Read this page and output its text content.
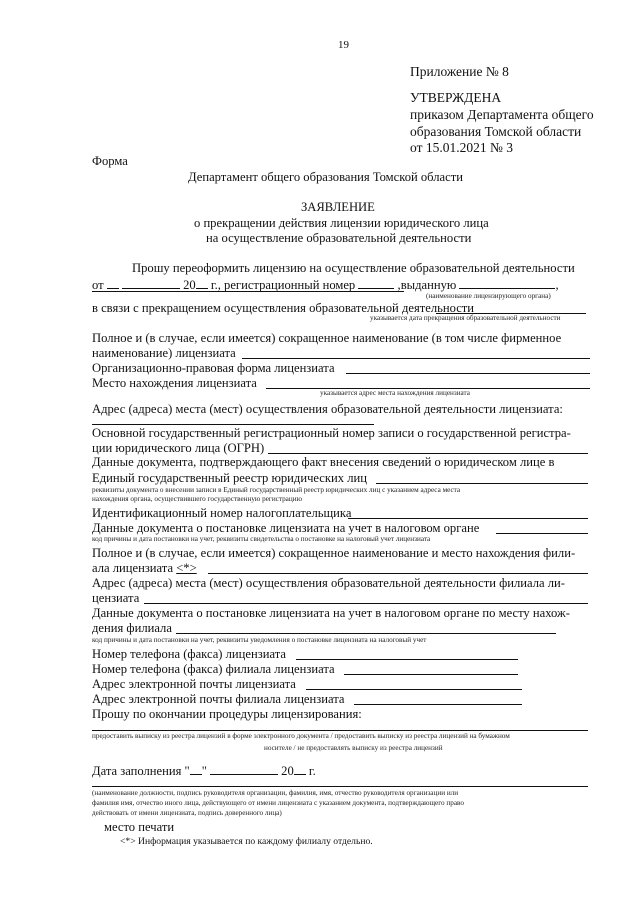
19
Приложение № 8
УТВЕРЖДЕНА
приказом Департамента общего
образования Томской области
от 15.01.2021 № 3
Форма
Департамент общего образования Томской области
ЗАЯВЛЕНИЕ
о прекращении действия лицензии юридического лица
на осуществление образовательной деятельности
Прошу переоформить лицензию на осуществление образовательной деятельности
от	20 г., регистрационный номер	,выданную	,
(наименование лицензирующего органа)
в связи с прекращением осуществления образовательной деятельности
указывается дата прекращения образовательной деятельности
Полное и (в случае, если имеется) сокращенное наименование (в том числе фирменное
наименование) лицензиата
Организационно-правовая форма лицензиата
Место нахождения лицензиата
указывается адрес места нахождения лицензиата
Адрес (адреса) места (мест) осуществления образовательной деятельности лицензиата:
Основной государственный регистрационный номер записи о государственной регистра-
ции юридического лица (ОГРН)
Данные документа, подтверждающего факт внесения сведений о юридическом лице в
Единый государственный реестр юридических лиц
реквизиты документа о внесении записи в Единый государственный реестр юридических лиц с указанием адреса места
нахождения органа, осуществившего государственную регистрацию
Идентификационный номер налогоплательщика
Данные документа о постановке лицензиата на учет в налоговом органе
код причины и дата постановки на учет, реквизиты свидетельства о постановке на налоговый учет лицензиата
Полное и (в случае, если имеется) сокращенное наименование и место нахождения фили-
ала лицензиата <*>
Адрес (адреса) места (мест) осуществления образовательной деятельности филиала ли-
цензиата
Данные документа о постановке лицензиата на учет в налоговом органе по месту нахож-
дения филиала
код причины и дата постановки на учет, реквизиты уведомления о постановке лицензиата на налоговый учет
Номер телефона (факса) лицензиата
Номер телефона (факса) филиала лицензиата
Адрес электронной почты лицензиата
Адрес электронной почты филиала лицензиата
Прошу по окончании процедуры лицензирования:
предоставить выписку из реестра лицензий в форме электронного документа / предоставить выписку из реестра лицензий на бумажном
носителе / не предоставлять выписку из реестра лицензий
Дата заполнения " "	20 г.
(наименование должности, подпись руководителя организации, фамилия, имя, отчество руководителя организации или
фамилия имя, отчество иного лица, действующего от имени лицензиата с указанием документа, подтверждающего право
действовать от имени лицензиата, подпись доверенного лица)
место печати
<*> Информация указывается по каждому филиалу отдельно.
